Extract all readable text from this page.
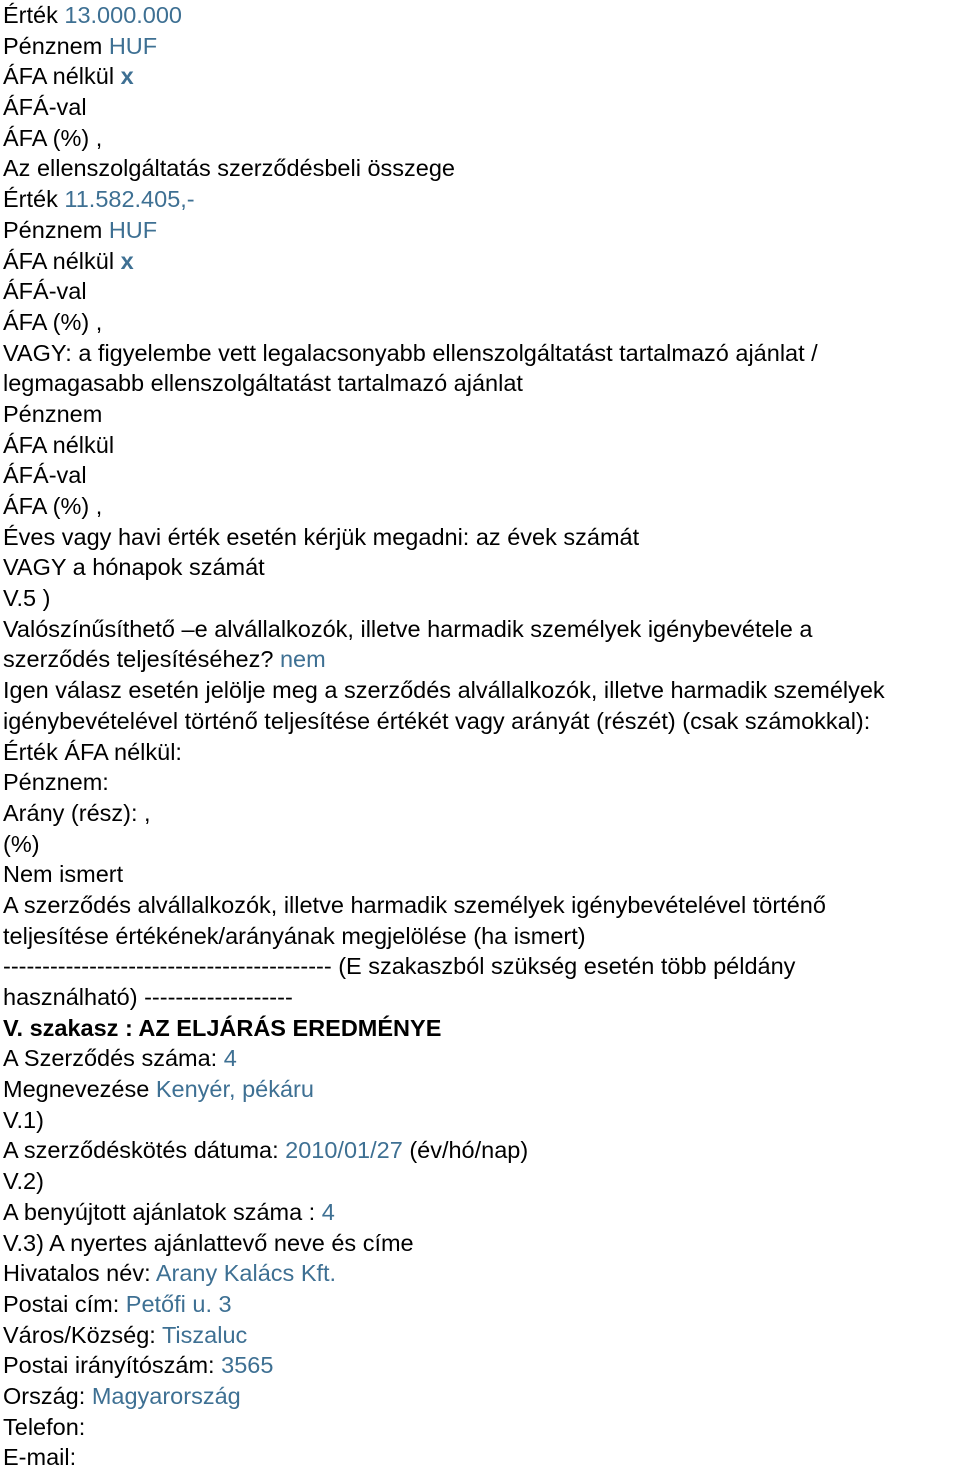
Érték 13.000.000
Pénznem HUF
ÁFA nélkül x
ÁFÁ-val
ÁFA (%) ,
Az ellenszolgáltatás szerződésbeli összege
Érték 11.582.405,-
Pénznem HUF
ÁFA nélkül x
ÁFÁ-val
ÁFA (%) ,
VAGY: a figyelembe vett legalacsonyabb ellenszolgáltatást tartalmazó ajánlat /
legmagasabb ellenszolgáltatást tartalmazó ajánlat
Pénznem
ÁFA nélkül
ÁFÁ-val
ÁFA (%) ,
Éves vagy havi érték esetén kérjük megadni: az évek számát
VAGY a hónapok számát
V.5 )
Valószínűsíthető –e alvállalkozók, illetve harmadik személyek igénybevétele a
szerződés teljesítéséhez? nem
Igen válasz esetén jelölje meg a szerződés alvállalkozók, illetve harmadik személyek
igénybevételével történő teljesítése értékét vagy arányát (részét) (csak számokkal):
Érték ÁFA nélkül:
Pénznem:
Arány (rész): ,
(%)
Nem ismert
A szerződés alvállalkozók, illetve harmadik személyek igénybevételével történő
teljesítése értékének/arányának megjelölése (ha ismert)
------------------------------------------ (E szakaszból szükség esetén több példány
használható) -------------------
V. szakasz : AZ ELJÁRÁS EREDMÉNYE
A Szerződés száma: 4
Megnevezése Kenyér, pékáru
V.1)
A szerződéskötés dátuma: 2010/01/27 (év/hó/nap)
V.2)
A benyújtott ajánlatok száma : 4
V.3) A nyertes ajánlattevő neve és címe
Hivatalos név: Arany Kalács Kft.
Postai cím: Petőfi u. 3
Város/Község: Tiszaluc
Postai irányítószám: 3565
Ország: Magyarország
Telefon:
E-mail:
